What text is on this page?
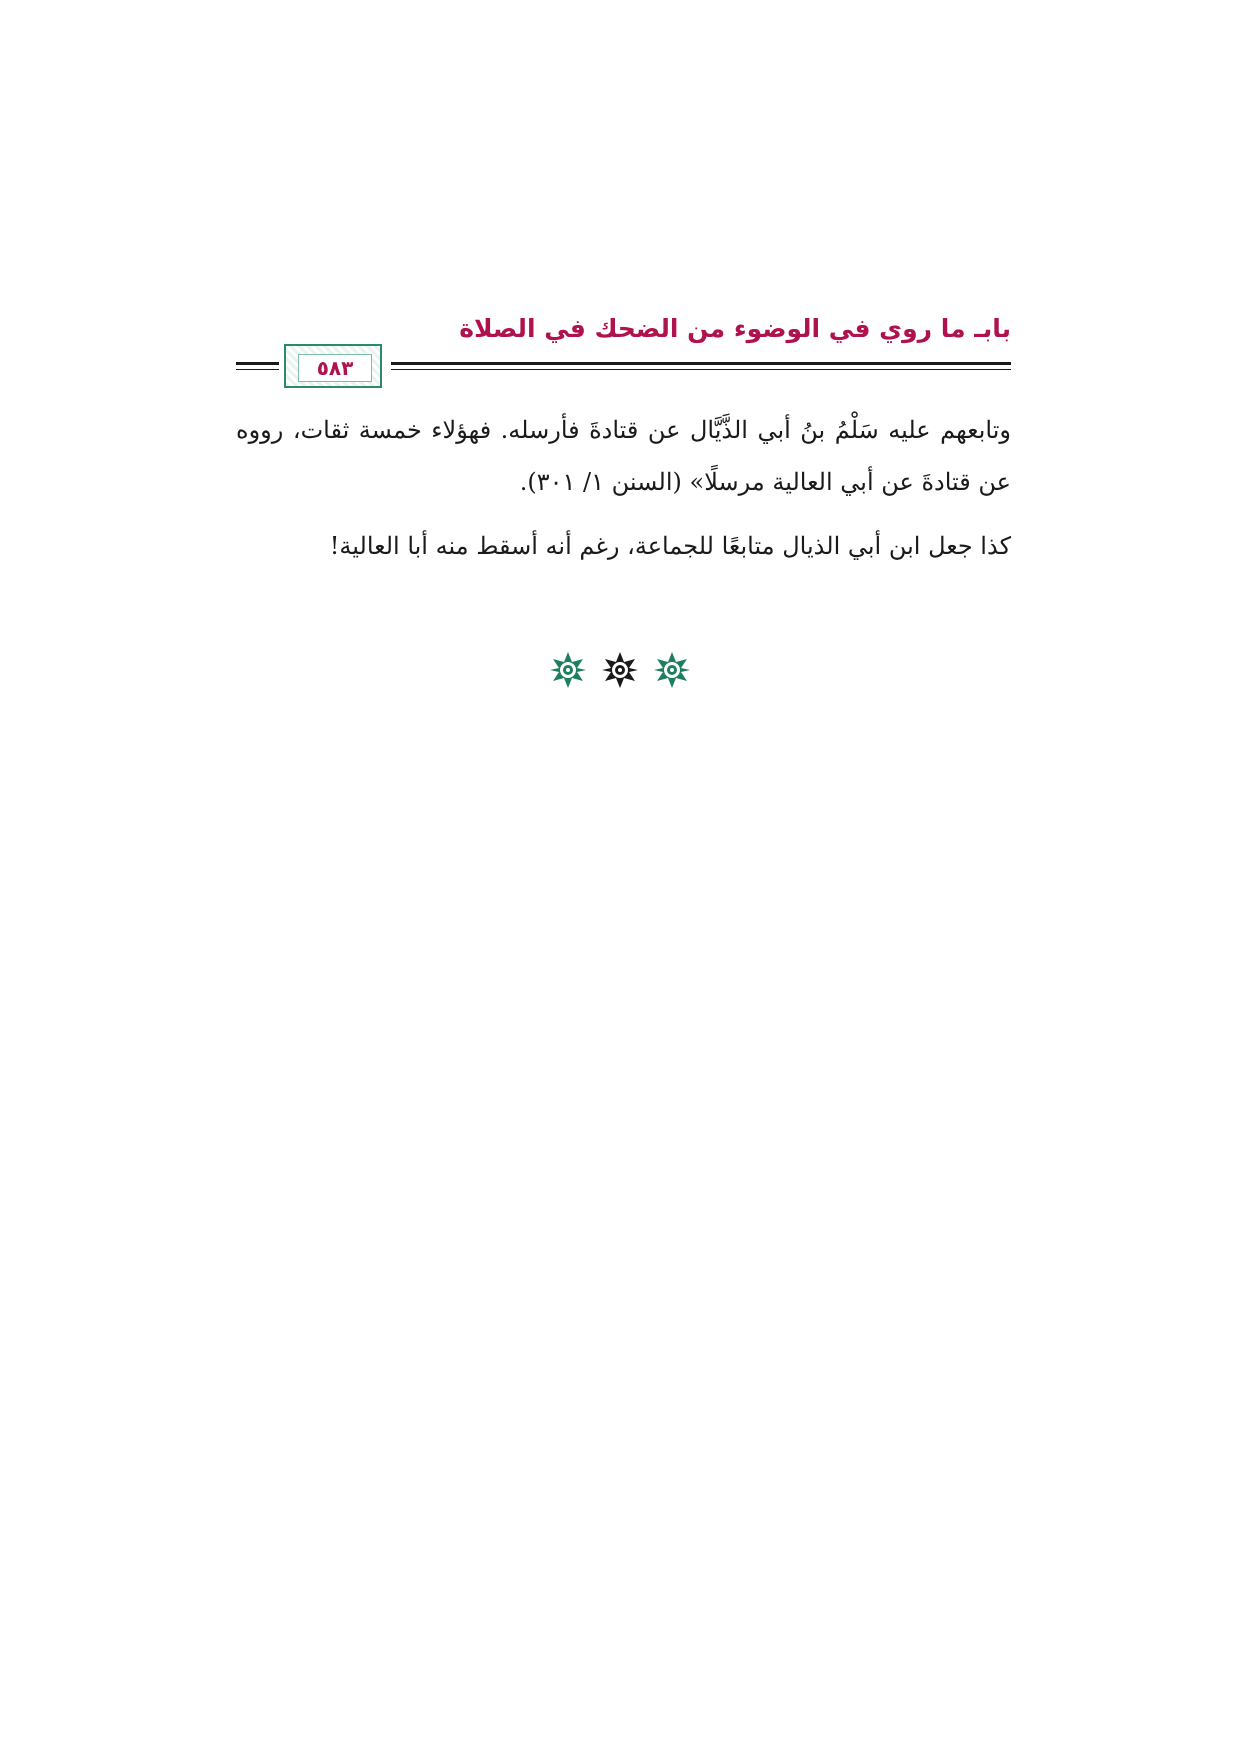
بابـ ما روي في الوضوء من الضحك في الصلاة
٥٨٣

وتابعهم عليه سَلْمُ بنُ أبي الذَّيَّال عن قتادةَ فأرسله. فهؤلاء خمسة ثقات، رووه عن قتادةَ عن أبي العالية مرسلًا» (السنن ١/ ٣٠١).

كذا جعل ابن أبي الذيال متابعًا للجماعة، رغم أنه أسقط منه أبا العالية!
